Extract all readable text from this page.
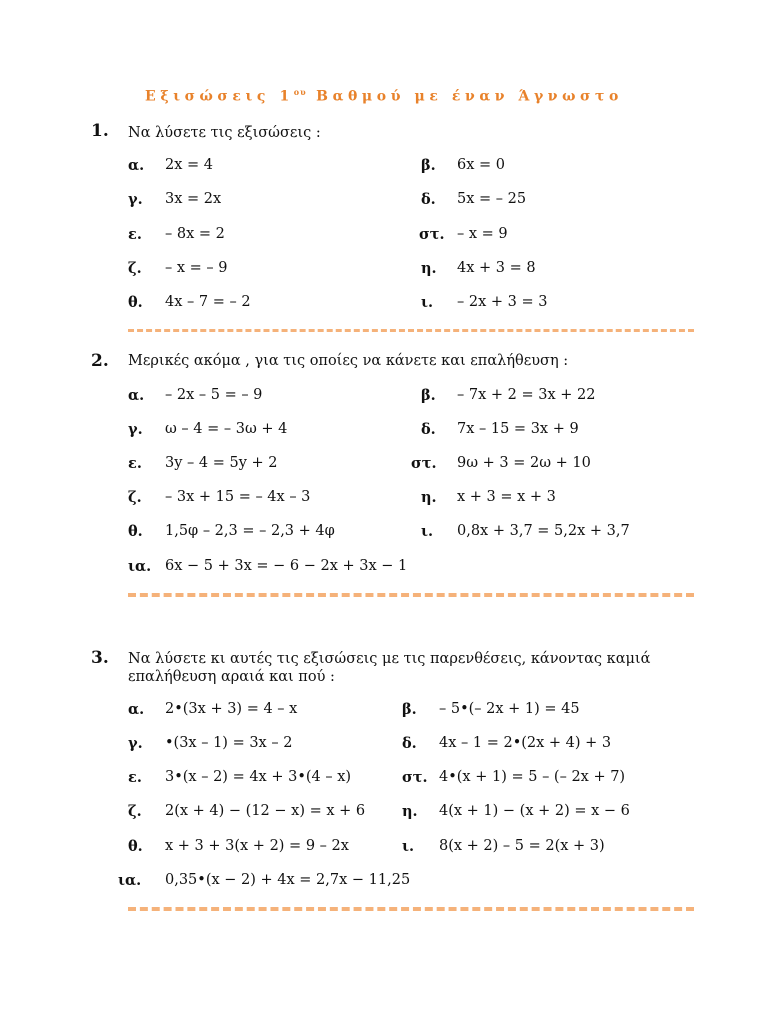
Εξισώσεις $1^{o\upsilon}$ Βαθμού με έναν Άγνωστο
1. Να λύσετε τις εξισώσεις :
α. 2x = 4	β. 6x = 0
γ. 3x = 2x	δ. 5x = – 25
ε. – 8x = 2	στ. – x = 9
ζ. – x = – 9	η. 4x + 3 = 8
θ. 4x – 7 = – 2	ι. – 2x + 3 = 3
2. Μερικές ακόμα , για τις οποίες να κάνετε και επαλήθευση :
α. – 2x – 5 = – 9	β. – 7x + 2 = 3x + 22
γ. ω – 4 = – 3ω + 4	δ. 7x – 15 = 3x + 9
ε. 3y – 4 = 5y + 2	στ. 9ω + 3 = 2ω + 10
ζ. – 3x + 15 = – 4x – 3	η. x + 3 = x + 3
θ. 1,5φ – 2,3 = – 2,3 + 4φ	ι. 0,8x + 3,7 = 5,2x + 3,7
ια. 6x − 5 + 3x = − 6 − 2x + 3x − 1
3. Να λύσετε κι αυτές τις εξισώσεις με τις παρενθέσεις, κάνοντας καμιά επαλήθευση αραιά και πού :
α. 2•(3x + 3) = 4 – x	β. – 5•(– 2x + 1) = 45
γ. •(3x – 1) = 3x – 2	δ. 4x – 1 = 2•(2x + 4) + 3
ε. 3•(x – 2) = 4x + 3•(4 – x)	στ. 4•(x + 1) = 5 – (– 2x + 7)
ζ. 2(x + 4) − (12 − x) = x + 6	η. 4(x + 1) − (x + 2) = x − 6
θ. x + 3 + 3(x + 2) = 9 – 2x	ι. 8(x + 2) – 5 = 2(x + 3)
ια. 0,35•(x − 2) + 4x = 2,7x − 11,25
